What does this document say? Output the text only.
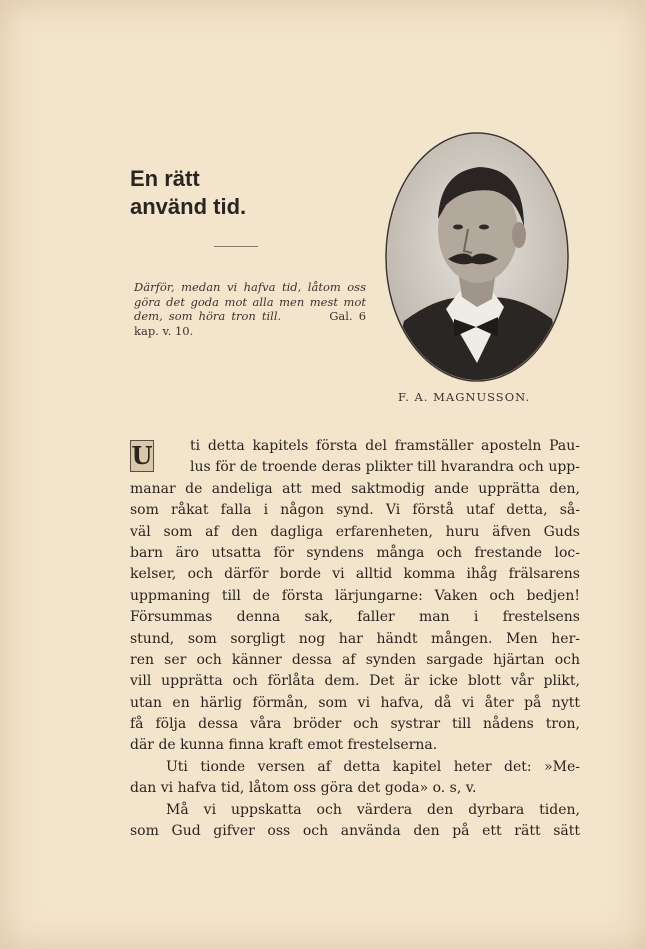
En rätt
använd tid.
Därför, medan vi hafva tid, låtom oss göra det goda mot alla men mest mot dem, som höra tron till.	Gal. 6 kap. v. 10.
F. A. MAGNUSSON.
U	ti detta kapitels första del framställer aposteln Pau-
lus för de troende deras plikter till hvarandra och upp-
manar de andeliga att med saktmodig ande upprätta den,
som råkat falla i någon synd. Vi förstå utaf detta, så-
väl som af den dagliga erfarenheten, huru äfven Guds
barn äro utsatta för syndens många och frestande loc-
kelser, och därför borde vi alltid komma ihåg frälsarens
uppmaning till de första lärjungarne: Vaken och bedjen!
Försummas denna sak, faller man i frestelsens
stund, som sorgligt nog har händt mången. Men her-
ren ser och känner dessa af synden sargade hjärtan och
vill upprätta och förlåta dem. Det är icke blott vår plikt,
utan en härlig förmån, som vi hafva, då vi åter på nytt
få följa dessa våra bröder och systrar till nådens tron,
där de kunna finna kraft emot frestelserna.
Uti tionde versen af detta kapitel heter det: »Me-
dan vi hafva tid, låtom oss göra det goda» o. s, v.
Må vi uppskatta och värdera den dyrbara tiden,
som Gud gifver oss och använda den på ett rätt sätt
